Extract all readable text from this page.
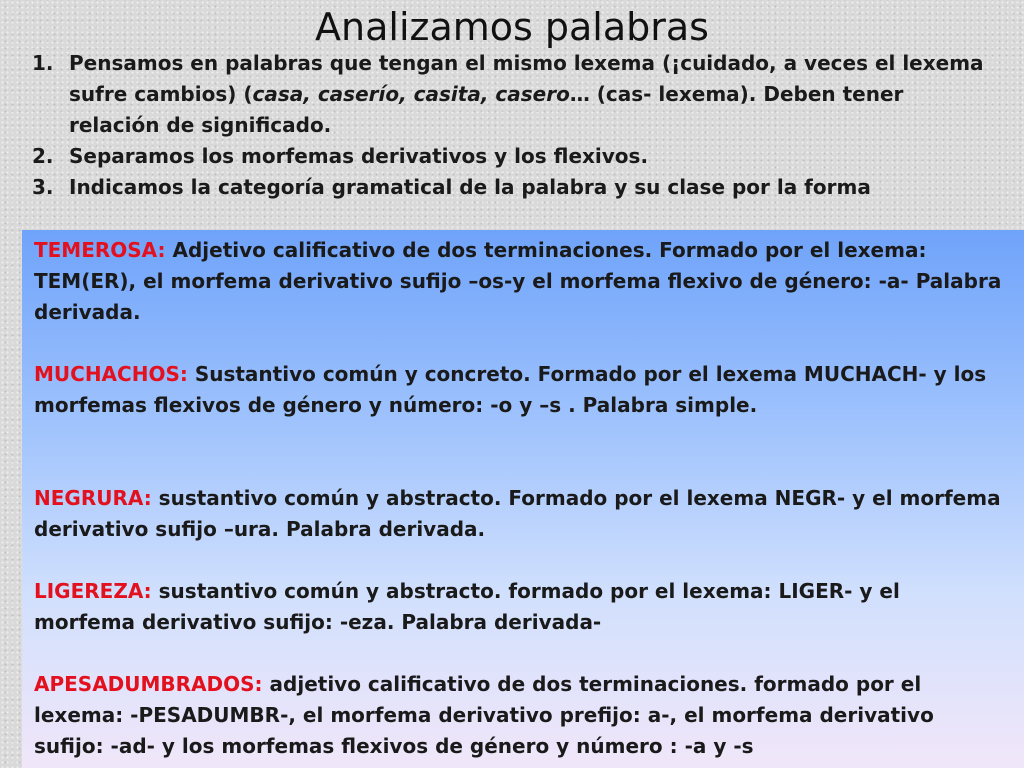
Analizamos palabras
1. Pensamos en palabras que tengan el mismo lexema (¡cuidado, a veces el lexema sufre cambios) (casa, caserío, casita, casero… (cas- lexema). Deben tener relación de significado.
2. Separamos los morfemas derivativos y los flexivos.
3. Indicamos la categoría gramatical de la palabra y su clase por la forma

TEMEROSA: Adjetivo calificativo de dos terminaciones. Formado por el lexema: TEM(ER), el morfema derivativo sufijo –os-y el morfema flexivo de género: -a- Palabra derivada.

MUCHACHOS: Sustantivo común y concreto. Formado por el lexema MUCHACH- y los morfemas flexivos de género y número: -o y –s . Palabra simple.

NEGRURA: sustantivo común y abstracto. Formado por el lexema NEGR- y el morfema derivativo sufijo –ura. Palabra derivada.

LIGEREZA: sustantivo común y abstracto. formado por el lexema: LIGER- y el morfema derivativo sufijo: -eza. Palabra derivada-

APESADUMBRADOS: adjetivo calificativo de dos terminaciones. formado por el lexema: -PESADUMBR-, el morfema derivativo prefijo: a-, el morfema derivativo sufijo: -ad- y los morfemas flexivos de género y número : -a y -s
